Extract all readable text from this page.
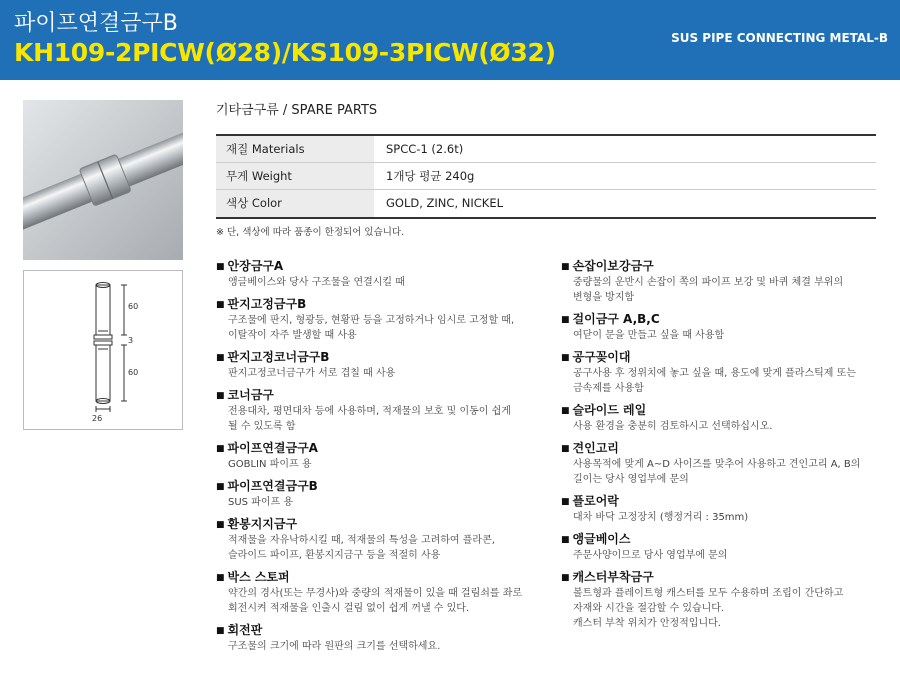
파이프연결금구B
KH109-2PICW(Ø28)/KS109-3PICW(Ø32)	SUS PIPE CONNECTING METAL-B
60
3
60
26
기타금구류 / SPARE PARTS
재질 Materials	SPCC-1 (2.6t)
무게 Weight	1개당 평균 240g
색상 Color	GOLD, ZINC, NICKEL
※ 단, 색상에 따라 품종이 한정되어 있습니다.
■ 안장금구A
앵글베이스와 당사 구조물을 연결시킬 때
■ 판지고정금구B
구조물에 판지, 형광등, 현황판 등을 고정하거나 임시로 고정할 때,
이탈작이 자주 발생할 때 사용
■ 판지고정코너금구B
판지고정코너금구가 서로 겹칠 때 사용
■ 코너금구
전용대차, 평면대차 등에 사용하며, 적재물의 보호 및 이동이 쉽게
될 수 있도록 함
■ 파이프연결금구A
GOBLIN 파이프 용
■ 파이프연결금구B
SUS 파이프 용
■ 환봉지지금구
적재물을 자유낙하시킬 때, 적재물의 특성을 고려하여 플라콘,
슬라이드 파이프, 환봉지지금구 등을 적절히 사용
■ 박스 스토퍼
약간의 경사(또는 무경사)와 중량의 적재물이 있을 때 걸림쇠를 좌로
회전시켜 적재물을 인출시 걸림 없이 쉽게 꺼낼 수 있다.
■ 회전판
구조물의 크기에 따라 원판의 크기를 선택하세요.
■ 손잡이보강금구
중량물의 운반시 손잡이 쪽의 파이프 보강 및 바퀴 체결 부위의
변형을 방지함
■ 걸이금구 A,B,C
여닫이 문을 만들고 싶을 때 사용함
■ 공구꽂이대
공구사용 후 정위치에 놓고 싶을 때, 용도에 맞게 플라스틱제 또는
금속제를 사용함
■ 슬라이드 레일
사용 환경을 충분히 검토하시고 선택하십시오.
■ 견인고리
사용목적에 맞게 A~D 사이즈를 맞추어 사용하고 견인고리 A, B의
길이는 당사 영업부에 문의
■ 플로어락
대차 바닥 고정장치 (행정거리 : 35mm)
■ 앵글베이스
주문사양이므로 당사 영업부에 문의
■ 캐스터부착금구
볼트형과 플레이트형 캐스터를 모두 수용하며 조립이 간단하고
자재와 시간을 절감할 수 있습니다.
캐스터 부착 위치가 안정적입니다.
